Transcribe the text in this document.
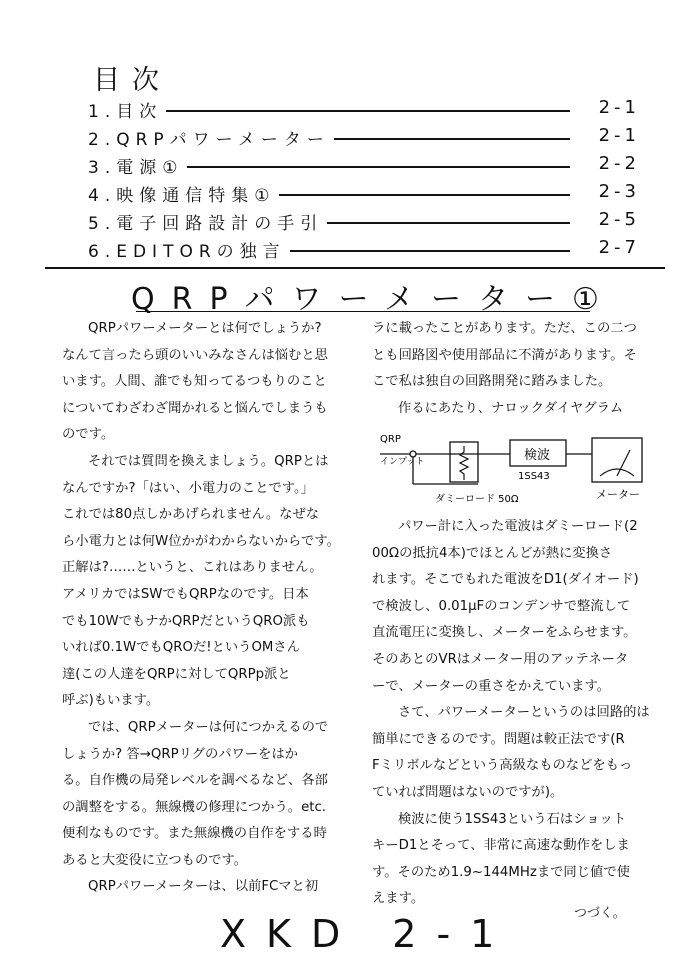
目次
1.目次	2-1
2.QRPパワーメーター	2-1
3.電源①	2-2
4.映像通信特集①	2-3
5.電子回路設計の手引	2-5
6.EDITORの独言	2-7
QRPパワーメーター①

QRPパワーメーターとは何でしょうか?

なんて言ったら頭のいいみなさんは悩むと思

います。人間、誰でも知ってるつもりのこと

についてわざわざ聞かれると悩んでしまうも

のです。

それでは質問を換えましょう。QRPとは

なんですか?「はい、小電力のことです。」

これでは80点しかあげられません。なぜな

ら小電力とは何W位かがわからないからです。

正解は?……というと、これはありません。

アメリカではSWでもQRPなのです。日本

でも10WでもナかQRPだというQRO派も

いれば0.1WでもQROだ!というOMさん

達(この人達をQRPに対してQRPp派と

呼ぶ)もいます。

では、QRPメーターは何につかえるので

しょうか? 答→QRPリグのパワーをはか

る。自作機の局発レベルを調べるなど、各部

の調整をする。無線機の修理につかう。etc.

便利なものです。また無線機の自作をする時

あると大変役に立つものです。

QRPパワーメーターは、以前FCマと初

ラに載ったことがあります。ただ、この二つ

とも回路図や使用部品に不満があります。そ

こで私は独自の回路開発に踏みました。

作るにあたり、ナロックダイヤグラム

QRP
インプット
ダミーロード 50Ω
検波
1SS43
メーター

パワー計に入った電波はダミーロード(2

00Ωの抵抗4本)でほとんどが熱に変換さ

れます。そこでもれた電波をD1(ダイオード)

で検波し、0.01μFのコンデンサで整流して

直流電圧に変換し、メーターをふらせます。

そのあとのVRはメーター用のアッテネータ

ーで、メーターの重さをかえています。

さて、パワーメーターというのは回路的は

簡単にできるのです。問題は較正法です(R

Fミリボルなどという高級なものなどをもっ

ていれば問題はないのですが)。

検波に使う1SS43という石はショット

キーD1とそって、非常に高速な動作をしま

す。そのため1.9~144MHzまで同じ値で使

えます。

つづく。
XKD 2-1
